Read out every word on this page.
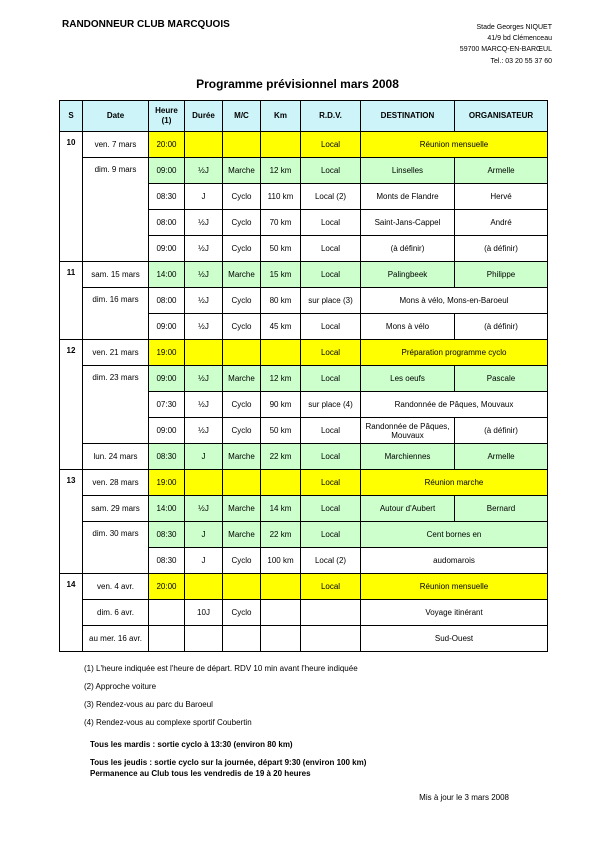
RANDONNEUR CLUB MARCQUOIS	Stade Georges NIQUET
41/9 bd Clémenceau
59700 MARCQ-EN-BARŒUL
Tel.: 03 20 55 37 60
Programme prévisionnel mars 2008
S	Date	Heure (1)	Durée	M/C	Km	R.D.V.	DESTINATION	ORGANISATEUR
10	ven. 7 mars	20:00				Local	Réunion mensuelle	
	dim. 9 mars	09:00	½J	Marche	12 km	Local	Linselles	Armelle
		08:30	J	Cyclo	110 km	Local (2)	Monts de Flandre	Hervé
		08:00	½J	Cyclo	70 km	Local	Saint-Jans-Cappel	André
		09:00	½J	Cyclo	50 km	Local	(à définir)	(à définir)
11	sam. 15 mars	14:00	½J	Marche	15 km	Local	Palingbeek	Philippe
	dim. 16 mars	08:00	½J	Cyclo	80 km	sur place (3)	Mons à vélo, Mons-en-Baroeul	
		09:00	½J	Cyclo	45 km	Local	Mons à vélo	(à définir)
12	ven. 21 mars	19:00				Local	Préparation programme cyclo	
	dim. 23 mars	09:00	½J	Marche	12 km	Local	Les oeufs	Pascale
		07:30	½J	Cyclo	90 km	sur place (4)	Randonnée de Pâques, Mouvaux	
		09:00	½J	Cyclo	50 km	Local	Randonnée de Pâques, Mouvaux	(à définir)
	lun. 24 mars	08:30	J	Marche	22 km	Local	Marchiennes	Armelle
13	ven. 28 mars	19:00				Local	Réunion marche	
	sam. 29 mars	14:00	½J	Marche	14 km	Local	Autour d'Aubert	Bernard
	dim. 30 mars	08:30	J	Marche	22 km	Local	Cent bornes en	
		08:30	J	Cyclo	100 km	Local (2)	audomarois	
14	ven. 4 avr.	20:00				Local	Réunion mensuelle	
	dim. 6 avr.		10J	Cyclo			Voyage itinérant	
	au mer. 16 avr.						Sud-Ouest	
(1) L'heure indiquée est l'heure de départ. RDV 10 min avant l'heure indiquée
(2) Approche voiture
(3) Rendez-vous au parc du Baroeul
(4) Rendez-vous au complexe sportif Coubertin
Tous les mardis : sortie cyclo à 13:30 (environ 80 km)
Tous les jeudis : sortie cyclo sur la journée, départ 9:30 (environ 100 km)
Permanence au Club tous les vendredis de 19 à 20 heures
Mis à jour le 3 mars 2008
